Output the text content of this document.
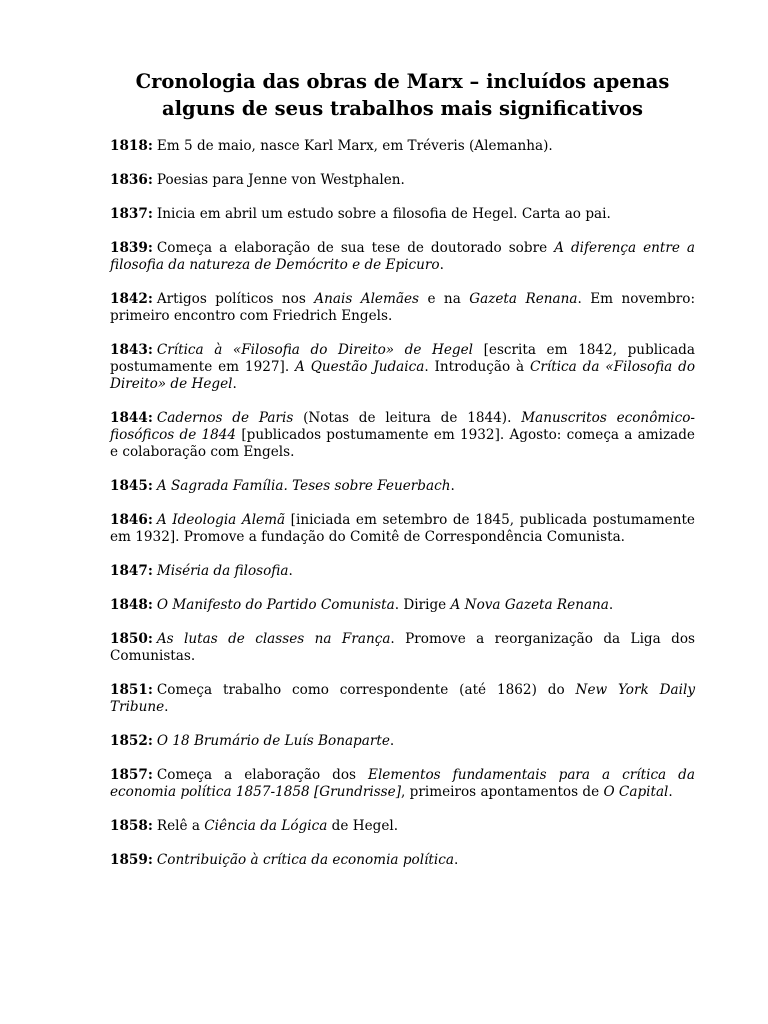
Cronologia das obras de Marx – incluídos apenas
alguns de seus trabalhos mais significativos

1818: Em 5 de maio, nasce Karl Marx, em Tréveris (Alemanha).

1836: Poesias para Jenne von Westphalen.

1837: Inicia em abril um estudo sobre a filosofia de Hegel. Carta ao pai.

1839: Começa a elaboração de sua tese de doutorado sobre A diferença entre a filosofia da natureza de Demócrito e de Epicuro.

1842: Artigos políticos nos Anais Alemães e na Gazeta Renana. Em novembro: primeiro encontro com Friedrich Engels.

1843: Crítica à «Filosofia do Direito» de Hegel [escrita em 1842, publicada postumamente em 1927]. A Questão Judaica. Introdução à Crítica da «Filosofia do Direito» de Hegel.

1844: Cadernos de Paris (Notas de leitura de 1844). Manuscritos econômico-fiosóficos de 1844 [publicados postumamente em 1932]. Agosto: começa a amizade e colaboração com Engels.

1845: A Sagrada Família. Teses sobre Feuerbach.

1846: A Ideologia Alemã [iniciada em setembro de 1845, publicada postumamente em 1932]. Promove a fundação do Comitê de Correspondência Comunista.

1847: Miséria da filosofia.

1848: O Manifesto do Partido Comunista. Dirige A Nova Gazeta Renana.

1850: As lutas de classes na França. Promove a reorganização da Liga dos Comunistas.

1851: Começa trabalho como correspondente (até 1862) do New York Daily Tribune.

1852: O 18 Brumário de Luís Bonaparte.

1857: Começa a elaboração dos Elementos fundamentais para a crítica da economia política 1857-1858 [Grundrisse], primeiros apontamentos de O Capital.

1858: Relê a Ciência da Lógica de Hegel.

1859: Contribuição à crítica da economia política.
